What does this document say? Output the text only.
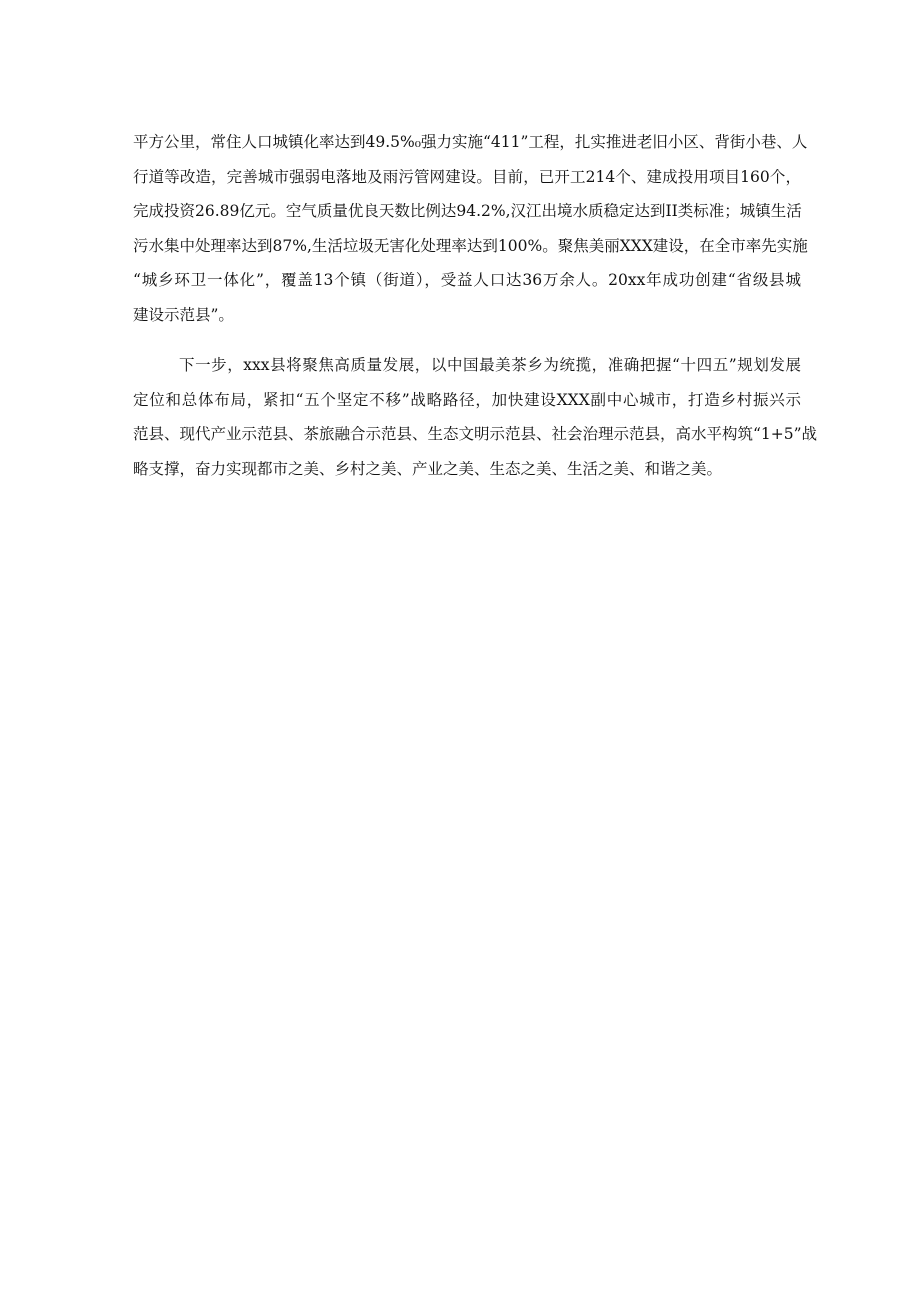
平方公里，常住人口城镇化率达到49.5%₀强力实施“411”工程，扎实推进老旧小区、背街小巷、人
行道等改造，完善城市强弱电落地及雨污管网建设。目前，已开工214个、建成投用项目160个，
完成投资26.89亿元。空气质量优良天数比例达94.2%,汉江出境水质稳定达到II类标准；城镇生活
污水集中处理率达到87%,生活垃圾无害化处理率达到100%。聚焦美丽XXX建设，在全市率先实施
“城乡环卫一体化”，覆盖13个镇（街道），受益人口达36万余人。20xx年成功创建“省级县城
建设示范县”。
下一步，xxx县将聚焦高质量发展，以中国最美茶乡为统揽，准确把握“十四五”规划发展
定位和总体布局，紧扣“五个坚定不移”战略路径，加快建设XXX副中心城市，打造乡村振兴示
范县、现代产业示范县、茶旅融合示范县、生态文明示范县、社会治理示范县，高水平构筑“1+5”战
略支撑，奋力实现都市之美、乡村之美、产业之美、生态之美、生活之美、和谐之美。
